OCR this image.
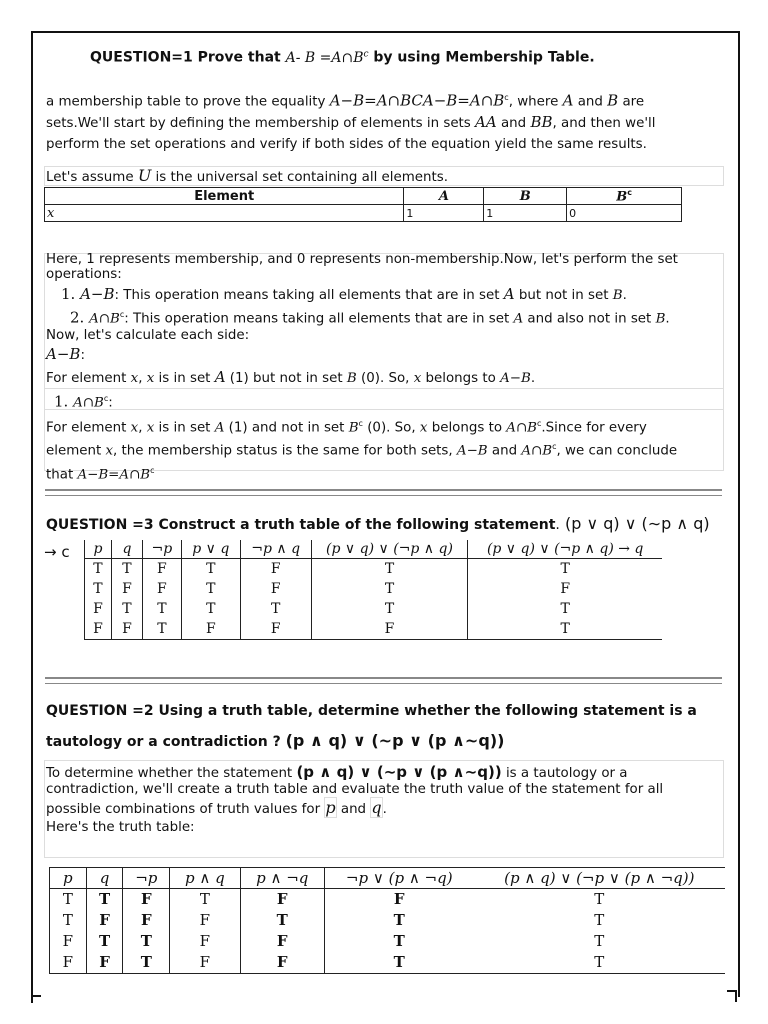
QUESTION=1 Prove that A- $B =A\cap B^c$ by using Membership Table.
a membership table to prove the equality $A-B=A\cap BCA-B=A\cap B^c$, where A and B are
sets.We'll start by defining the membership of elements in sets AA and BB, and then we'll
perform the set operations and verify if both sides of the equation yield the same results.
Let's assume U is the universal set containing all elements.
Element	A	B	$B^c$
x	1	1	0
Here, 1 represents membership, and 0 represents non-membership.Now, let's perform the set
operations:
1. A−B: This operation means taking all elements that are in set A but not in set B.
2. $A\cap B^c$: This operation means taking all elements that are in set A and also not in set B.
Now, let's calculate each side:
A−B:
For element x, x is in set A (1) but not in set B (0). So, x belongs to A−B.
1. $A\cap B^c$:
For element x, x is in set A (1) and not in set $B^c$ (0). So, x belongs to $A\cap B^c.Since$ for every
element x, the membership status is the same for both sets, A−B and $A\cap B^c$, we can conclude
that $A-B=A\cap B^c$
QUESTION =3 Construct a truth table of the following statement. (p ∨ q) ∨ (∼p ∧ q)
→ c p	q	¬p	p ∨ q	¬p ∧ q	(p ∨ q) ∨ (¬p ∧ q)	(p ∨ q) ∨ (¬p ∧ q) → q
T	T	F	T	F	T	T
T	F	F	T	F	T	F
F	T	T	T	T	T	T
F	F	T	F	F	F	T
QUESTION =2 Using a truth table, determine whether the following statement is a
tautology or a contradiction ? (p ∧ q) ∨ (∼p ∨ (p ∧∼q))
To determine whether the statement (p ∧ q) ∨ (∼p ∨ (p ∧∼q)) is a tautology or a
contradiction, we'll create a truth table and evaluate the truth value of the statement for all
possible combinations of truth values for p and q.
Here's the truth table:
p	q	¬p	p ∧ q	p ∧ ¬q	¬p ∨ (p ∧ ¬q)	(p ∧ q) ∨ (¬p ∨ (p ∧ ¬q))
T	T	F	T	F	F	T
T	F	F	F	T	T	T
F	T	T	F	F	T	T
F	F	T	F	F	T	T
